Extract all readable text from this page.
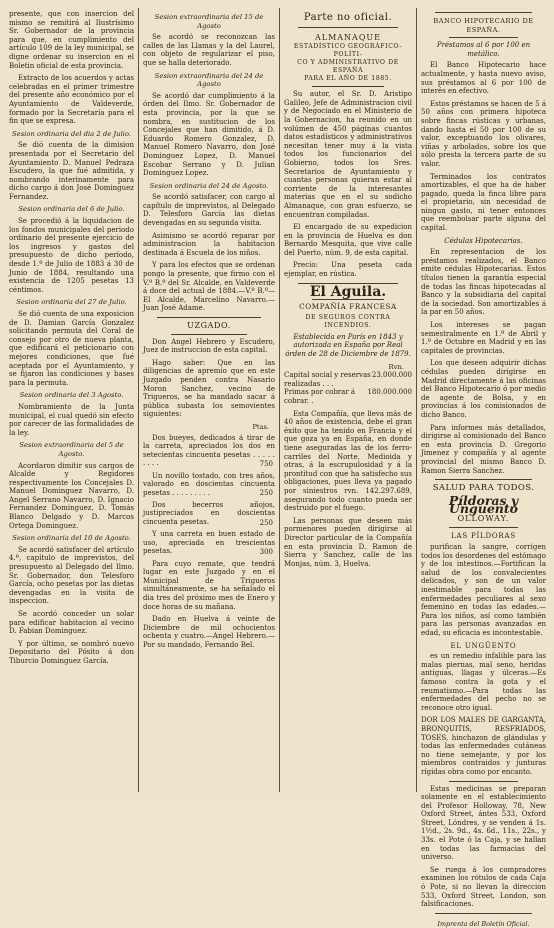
presente, que con insercion del mismo se remitirá al Ilustrísimo Sr. Gobernador de la provincia para que, en cumplimiento del artículo 109 de la ley municipal, se digne ordenar su insercion en el Boletin oficial de esta provincia.

Extracto de los acuerdos y actas celebradas en el primer trimestre del presente año económico por el Ayuntamiento de Valdeverde, formado por la Secretaría para el fin que se expresa.

Sesion ordinaria del dia 2 de Julio.

Se dió cuenta de la dimision presentada por el Secretario del Ayuntamiento D. Manuel Pedraza Escudero, la que fué admitida, y nombrando interinamente para dicho cargo á don José Dominguez Fernandez.

Sesion ordinaria del 6 de Julio.

Se procedió á la liquidacion de los fondos municipales del periodo ordinario del presente ejercicio de los ingresos y gastos del presupuesto de dicho período, desde 1.º de Julio de 1883 á 30 de Junio de 1884, resultando una existencia de 1205 pesetas 13 céntimos.

Sesion ordinaria del 27 de Julio.

Se dió cuenta de una exposicion de D. Damian García Gonzalez solicitando permuta del Coral de consejo por otro de nueva planta, que edificará el peticionario con mejores condiciones, que fué aceptada por el Ayuntamiento, y se fijaron las condiciones y bases para la permuta.

Sesion ordinaria del 3 Agosto.

Nombramiento de la Junta municipal, el cual quedó sin efecto por carecer de las formalidades de la ley.

Sesion extraordinaria del 5 de Agosto.

Acordaron dimitir sus cargos de Alcalde y Regidores respectivamente los Concejales D. Manuel Dominguez Navarro, D. Angel Serrano Navarro, D. Ignacio Fernandez Dominguez, D. Tomás Blanco Delgado y D. Marcos Ortega Dominguez.

Sesion ordinaria del 10 de Agosto.

Se acordó satisfacer del artículo 4.º, capítulo de imprevistos, del presupuesto al Delegado del Ilmo. Sr. Gobernador, don Telesforo García, ocho pesetas por las dietas devengadas en la visita de inspeccion.

Se acordó conceder un solar para edificar habitacion al vecino D. Fabian Dominguez.

Y por último, se nombró nuevo Depositario del Pósito á don Tiburcio Dominguez García.

Sesion extraordinaria del 15 de Agosto

Se acordó se reconozcan las calles de las Llamas y la del Laurel, con objeto de regularizar el piso, que se halla deteriorado.

Sesion extraordinaria del 24 de Agosto

Se acordó dar cumplimiento á la órden del Ilmo. Sr. Gobernador de esta provincia, por la que se nombra, en sustitucion de los Concejales que han dimitido, á D. Eduardo Romero Gonzalez, D. Manuel Romero Navarro, don José Dominguez Lopez, D. Manuel Escobar Serrano y D. Julian Dominguez Lopez.

Sesion ordinaria del 24 de Agosto.

Se acordó satisfacer, con cargo al capítulo de imprevistos, al Delegado D. Telesforo García las dietas devengadas en su segunda visita.

Asimismo se acordó reparar por administracion la habitacion destinada á Escuela de los niños.

Y para los efectos que se ordenan pongo la presente, que firmo con el V.º B.º del Sr. Alcalde, en Valdeverde á doce del actual de 1884.—V.º B.º—El Alcalde, Marcelino Navarro.—Juan José Adame.

UZGADO.

Don Angel Hebrero y Escudero, Juez de instruccion de esta capital.

Hago saber: Que en las diligencias de apremio que en este Juzgado penden contra Nasario Moron Sanchez, vecino de Trigueros, se ha mandado sacar á pública subasta los semovientes siguientes:

Ptas.

Dos bueyes, dedicados á tirar de la carreta, apreciados los dos en setecientas cincuenta pesetas . . . . . . . . .	750

Un novillo tostado, con tres años, valorado en doscientas cincuenta pesetas . . . . . . . . .	250

Dos becerros añojos, justipreciados en doscientas cincuenta pesetas.	250

Y una carreta en buen estado de uso, apreciada en trescientas pesetas.	300

Para cuyo remate, que tendrá lugar en este Juzgado y en el Municipal de Trigueros simultáneamente, se ha señalado el dia tres del próximo mes de Enero y doce horas de su mañana.

Dado en Huelva á veinte de Diciembre de mil ochocientos ochenta y cuatro.—Angel Hebrero.—Por su mandado, Fernando Bel.

Parte no oficial.
ALMANAQUE
ESTADÍSTICO GEOGRÁFICO-POLÍTI-
CO Y ADMINISTRATIVO DE ESPAÑA
PARA EL AÑO DE 1885.

Su autor, el Sr. D. Aristipo Galileo, Jefe de Administracion civil y de Negociado en el Ministerio de la Gobernacion, ha reunido en un volúmen de 450 páginas cuantos datos estadísticos y administrativos necesitan tener muy á la vista todos los funcionarios del Gobierno, todos los Sres. Secretarios de Ayuntamiento y cuantas personas quieran estar al corriente de la interesantes materias que en el su sodicho Almanaque, con gran esfuerzo, se encuentran compiladas.

El encargado de su expedicion en la provincia de Huelva es don Bernardo Mesquita, que vive calle del Puerto, núm. 9, de esta capital.

Precio: Una peseta cada ejemplar, en rústica.

El Aguila.
COMPAÑÍA FRANCESA
DE SEGUROS CONTRA INCENDIOS.

Establecida en París en 1843 y autorizada en España por Real órden de 28 de Diciembre de 1879.

Rvn.
Capital social y reservas realizadas . . .
23.000.000
Primas por cobrar á cobrar. .
180.000.000

Esta Compañía, que lleva más de 40 años de existencia, debe el gran éxito que ha tenido en Francia y el que goza ya en España, en donde tiene aseguradas las de los ferro-carriles del Norte, Medioida y otras, á la escrupulosidad y á la prontitud con que ha satisfecho sus obligaciones, pues lleva ya pagado por siniestros rvn. 142.297.689, asegurando todo cuanto pueda ser destruido por el fuego.

Las personas que deseen más pormenores pueden dirigirse al Director particular de la Compañía en esta provincia D. Ramon de Sierra y Sanchez, calle de las Monjas, núm. 3, Huelva.

BANCO HIPOTECARIO DE ESPAÑA.
Préstamos al 6 por 100 en metálico.

El Banco Hipotecario hace actualmente, y hasta nuevo aviso, sus préstamos al 6 por 100 de interés en efectivo.

Estos préstamos se hacen de 5 á 50 años con primera hipoteca sobre fincas rústicas y urbanas, dando hasta el 50 por 100 de su valor, exceptuando los olivares, viñas y arbolados, sobre los que sólo presta la tercera parte de su valor.

Terminados los contratos amortizables, el que ha de haber pagado, queda la finca libre para el propietario, sin necesidad de ningun gasto, ni tener entonces que reembolsar parte alguna del capital.

Cédulas Hipotecarias.

En representacion de los préstamos realizados, el Banco emite cédulas Hipotecarias. Estos títulos tienen la garantía especial de todas las fincas hipotecadas al Banco y la subsidiaria del capital de la sociedad. Son amortizables á la par en 50 años.

Los intereses se pagan semestralmente en 1.º de Abril y 1.º de Octubre en Madrid y en las capitales de provincias.

Los que deseen adquirir dichas cédulas pueden dirigirse en Madrid directamente á las oficinas del Banco Hipotecario ó por medio de agente de Bolsa, y en provincias á los comisionados de dicho Banco.

Para informes más detallados, dirigirse al comisionado del Banco en esta provincia D. Gregorio Jimenez y compañía y al agente provincial del mismo Banco D. Ramon Sierra Sanchez.

SALUD PARA TODOS.
Píldoras y Unguento
OLLOWAY.
LAS PÍLDORAS

purifican la sangre, corrigen todos los desordenes del estómago y de los intestinos.—Fortifican la salud de los convalecientes delicados, y son de un valor inestimable para todas las enfermedades peculiares al sexo femenino en todas las edades.—Para los niños, así como también para las personas avanzadas en edad, su eficacia es incontestable.

EL UNGÜENTO

es un remedio infalible para las malas piernas, mal seno, heridas antiguas, llagas y úlceras.—Es famoso contra la gota y el reumatismo.—Para todas las enfermedades del pecho no se reconoce otro igual.

DOR LOS MALES DE GARGANTA, BRONQUITIS, RESFRIADOS, TOSES, hinchazon de glándulas y todas las enfermedades cutáneas no tiene semejante, y por los miembros contraidos y junturas rígidas obra como por encanto.

Estas medicinas se preparan solamente en el establecimiento del Profesor Holloway, 78, New Oxford Street, ántes 533, Oxford Street, Lóndres, y se venden á 1s. 1½d., 2s. 9d., 4s. 6d., 11s., 22s., y 33s. el Pote ó la Caja, y se hallan en todas las farmacias del universo.

Se ruega á los compradores examinen los rótulos de cada Caja ó Pote, si no llevan la direccion 533, Oxford Street, London, son falsificaciones.

Imprenta del Boletín Oficial.
